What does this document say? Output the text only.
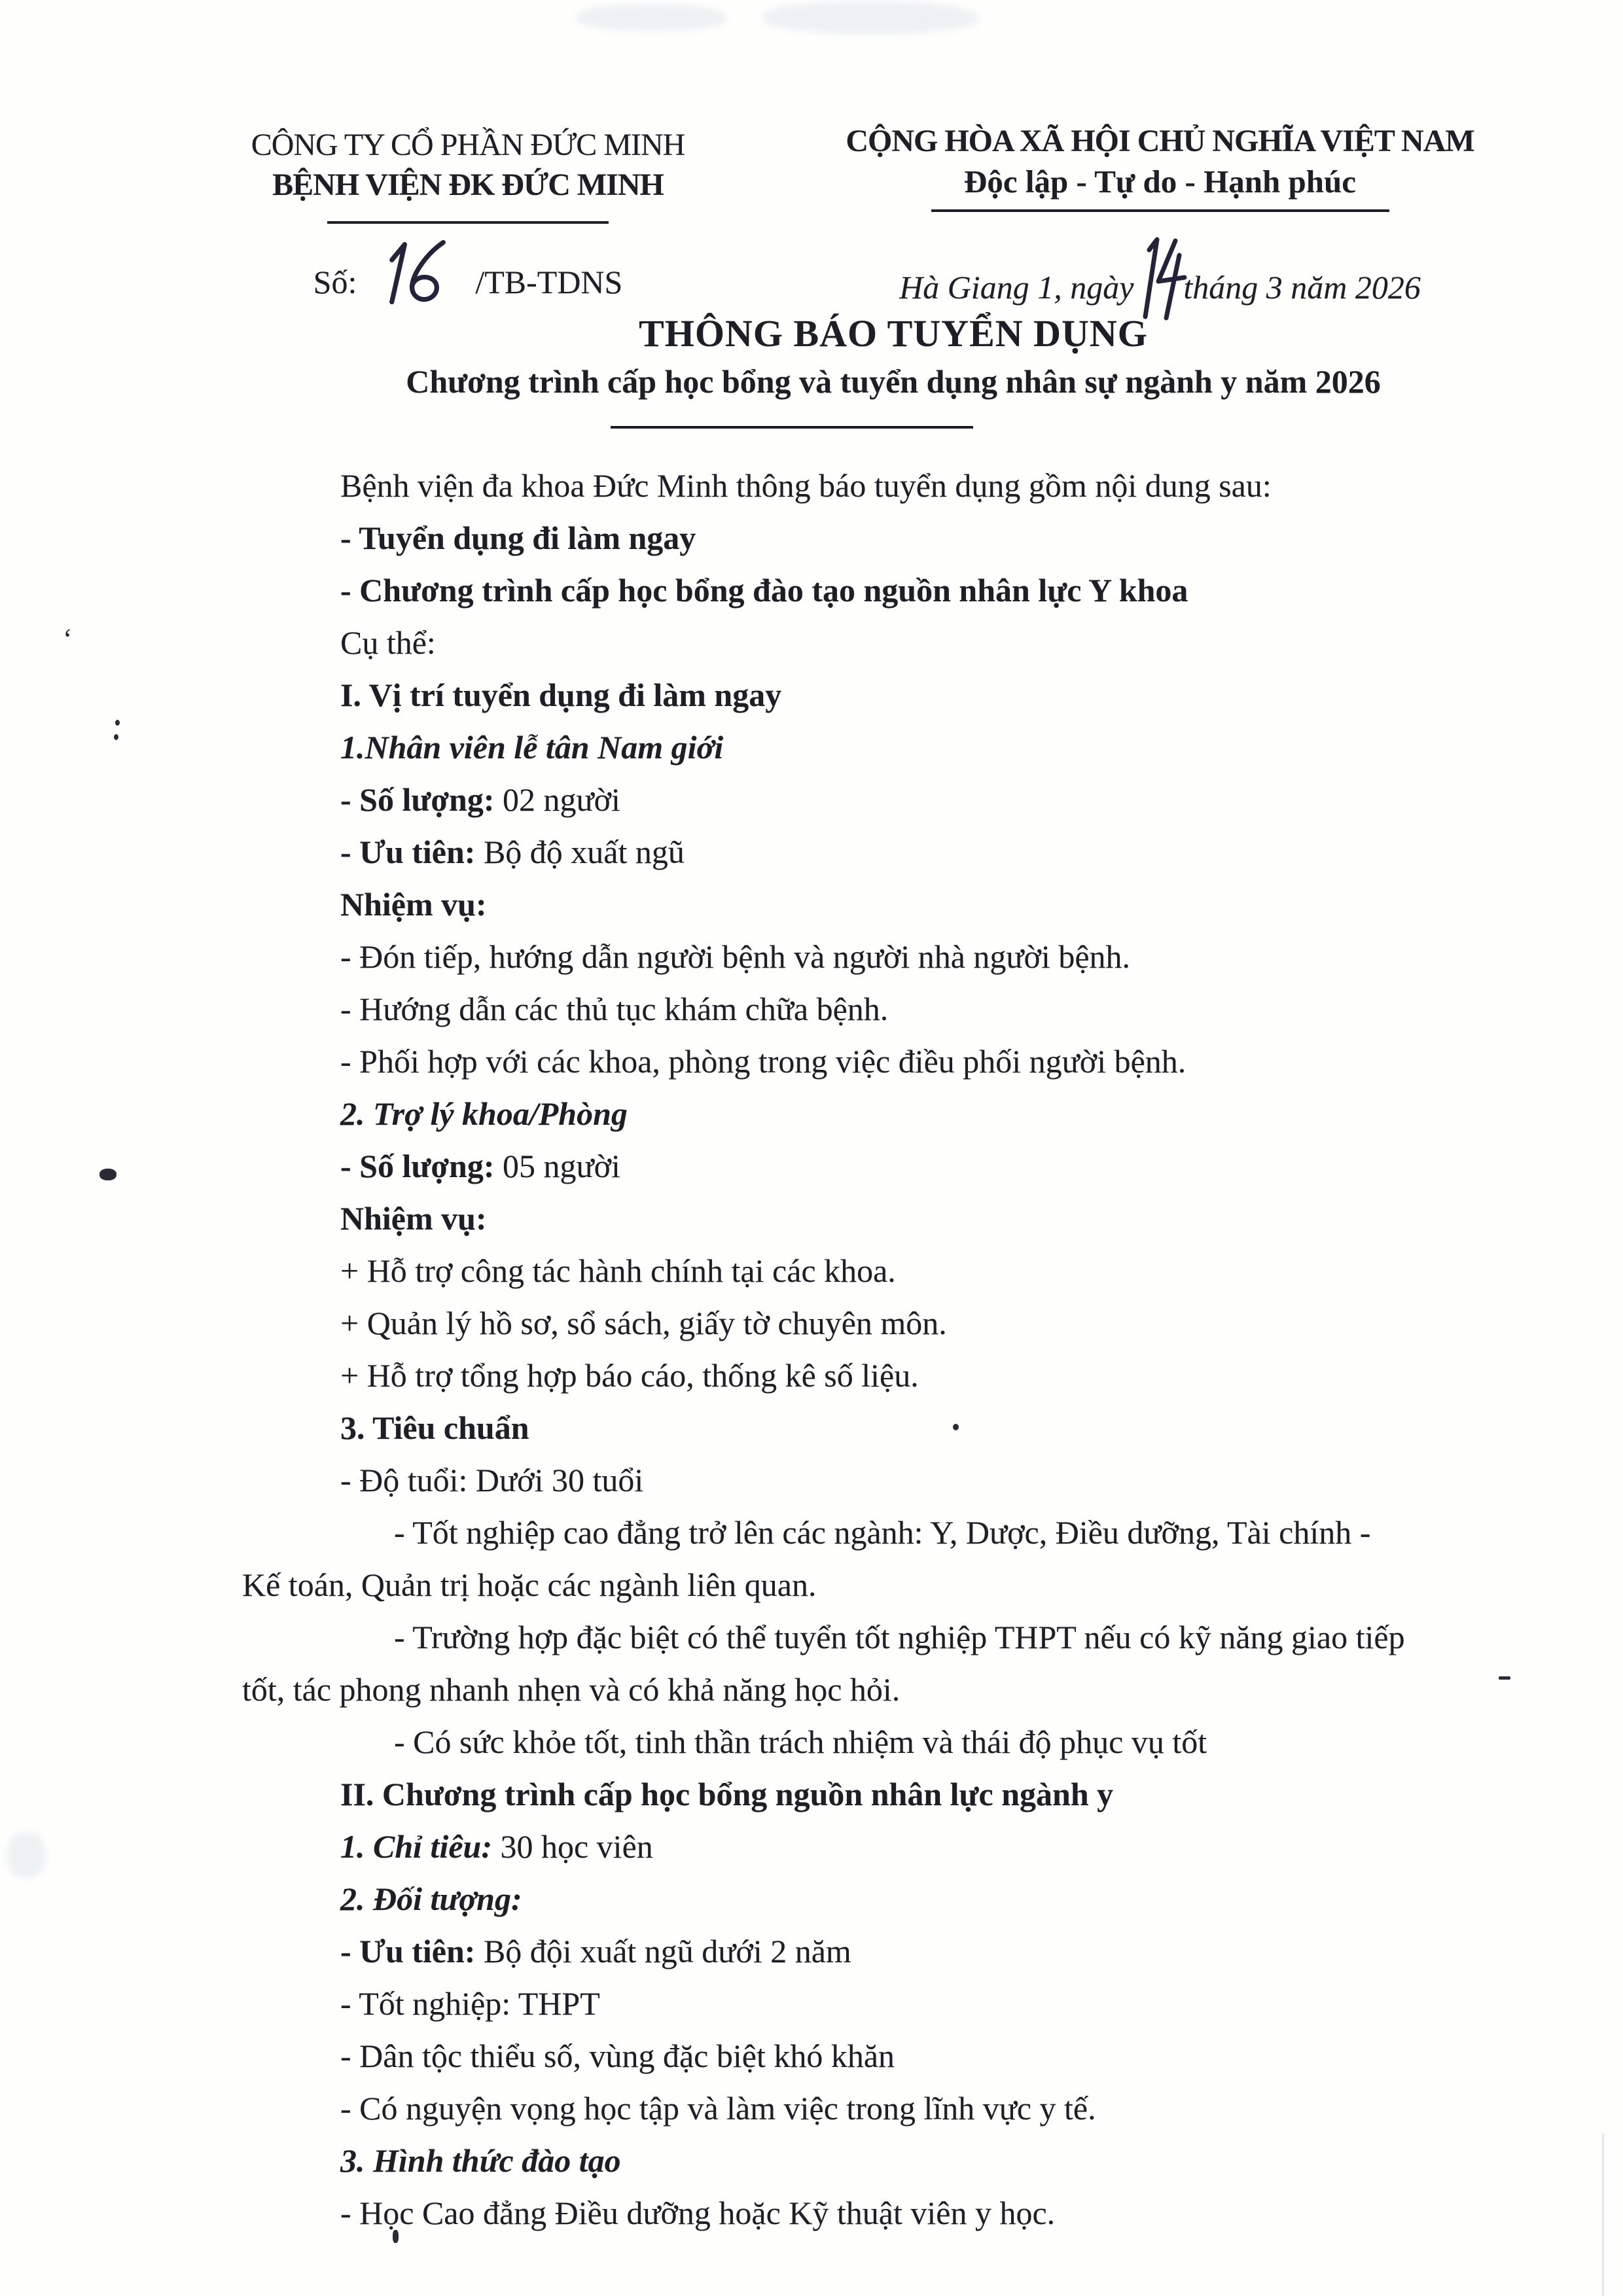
ʻ
CÔNG TY CỔ PHẦN ĐỨC MINH
BỆNH VIỆN ĐK ĐỨC MINH
Số:	/TB-TDNS
CỘNG HÒA XÃ HỘI CHỦ NGHĨA VIỆT NAM
Độc lập - Tự do - Hạnh phúc
Hà Giang 1, ngày tháng 3 năm 2026
THÔNG BÁO TUYỂN DỤNG
Chương trình cấp học bổng và tuyển dụng nhân sự ngành y năm 2026

Bệnh viện đa khoa Đức Minh thông báo tuyển dụng gồm nội dung sau:

- Tuyển dụng đi làm ngay

- Chương trình cấp học bổng đào tạo nguồn nhân lực Y khoa

Cụ thể:

I. Vị trí tuyển dụng đi làm ngay

1.Nhân viên lễ tân Nam giới

- Số lượng: 02 người

- Ưu tiên: Bộ độ xuất ngũ

Nhiệm vụ:

- Đón tiếp, hướng dẫn người bệnh và người nhà người bệnh.

- Hướng dẫn các thủ tục khám chữa bệnh.

- Phối hợp với các khoa, phòng trong việc điều phối người bệnh.

2. Trợ lý khoa/Phòng

- Số lượng: 05 người

Nhiệm vụ:

+ Hỗ trợ công tác hành chính tại các khoa.

+ Quản lý hồ sơ, sổ sách, giấy tờ chuyên môn.

+ Hỗ trợ tổng hợp báo cáo, thống kê số liệu.

3. Tiêu chuẩn

- Độ tuổi: Dưới 30 tuổi

- Tốt nghiệp cao đẳng trở lên các ngành: Y, Dược, Điều dưỡng, Tài chính -

Kế toán, Quản trị hoặc các ngành liên quan.

- Trường hợp đặc biệt có thể tuyển tốt nghiệp THPT nếu có kỹ năng giao tiếp

tốt, tác phong nhanh nhẹn và có khả năng học hỏi.

- Có sức khỏe tốt, tinh thần trách nhiệm và thái độ phục vụ tốt

II. Chương trình cấp học bổng nguồn nhân lực ngành y

1. Chỉ tiêu: 30 học viên

2. Đối tượng:

- Ưu tiên: Bộ đội xuất ngũ dưới 2 năm

- Tốt nghiệp: THPT

- Dân tộc thiểu số, vùng đặc biệt khó khăn

- Có nguyện vọng học tập và làm việc trong lĩnh vực y tế.

3. Hình thức đào tạo

- Học Cao đẳng Điều dưỡng hoặc Kỹ thuật viên y học.
